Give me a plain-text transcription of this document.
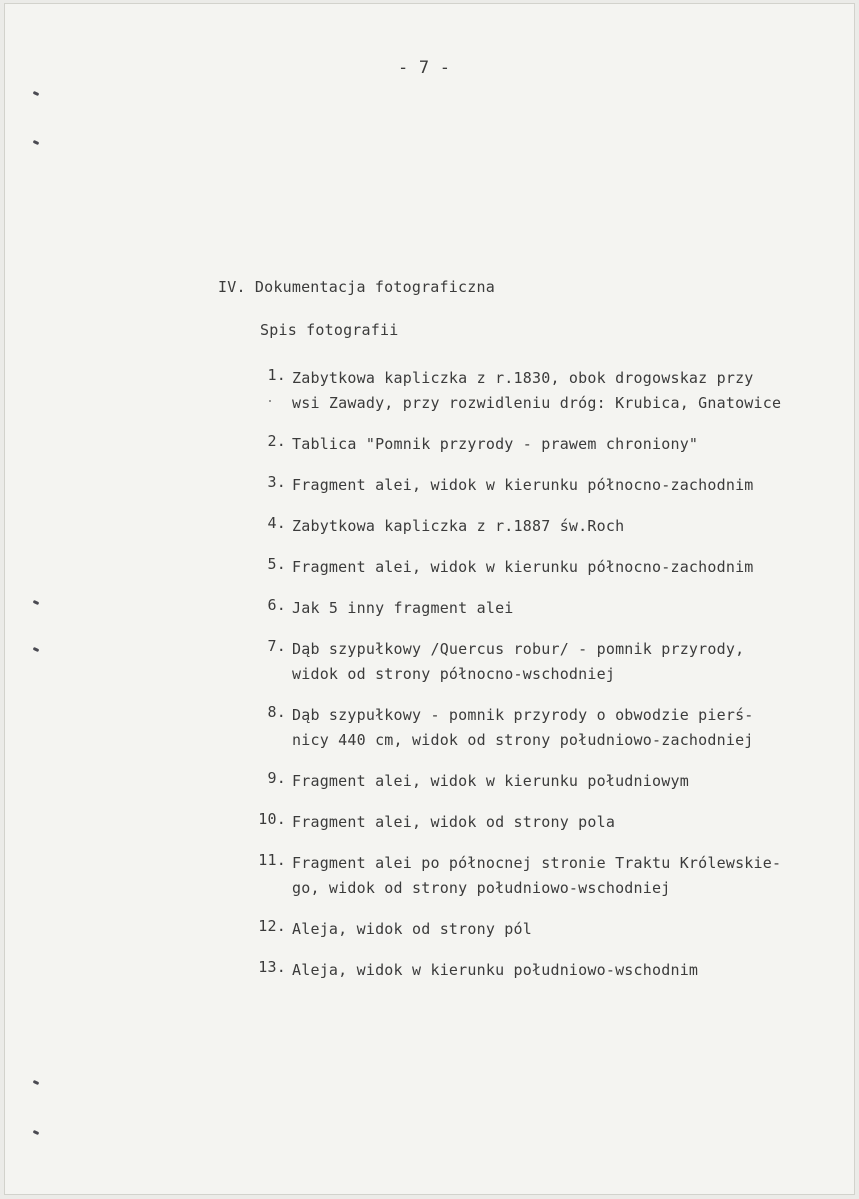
- 7 -
IV. Dokumentacja fotograficzna
Spis fotografii
1. Zabytkowa kapliczka z r.1830, obok drogowskaz przy
wsi Zawady, przy rozwidleniu dróg: Krubica, Gnatowice
2. Tablica "Pomnik przyrody - prawem chroniony"
3. Fragment alei, widok w kierunku północno-zachodnim
4. Zabytkowa kapliczka z r.1887 św.Roch
5. Fragment alei, widok w kierunku północno-zachodnim
6. Jak 5 inny fragment alei
7. Dąb szypułkowy /Quercus robur/ - pomnik przyrody,
widok od strony północno-wschodniej
8. Dąb szypułkowy - pomnik przyrody o obwodzie pierś-
nicy 440 cm, widok od strony południowo-zachodniej
9. Fragment alei, widok w kierunku południowym
10. Fragment alei, widok od strony pola
11. Fragment alei po północnej stronie Traktu Królewskie-
go, widok od strony południowo-wschodniej
12. Aleja, widok od strony pól
13. Aleja, widok w kierunku południowo-wschodnim
